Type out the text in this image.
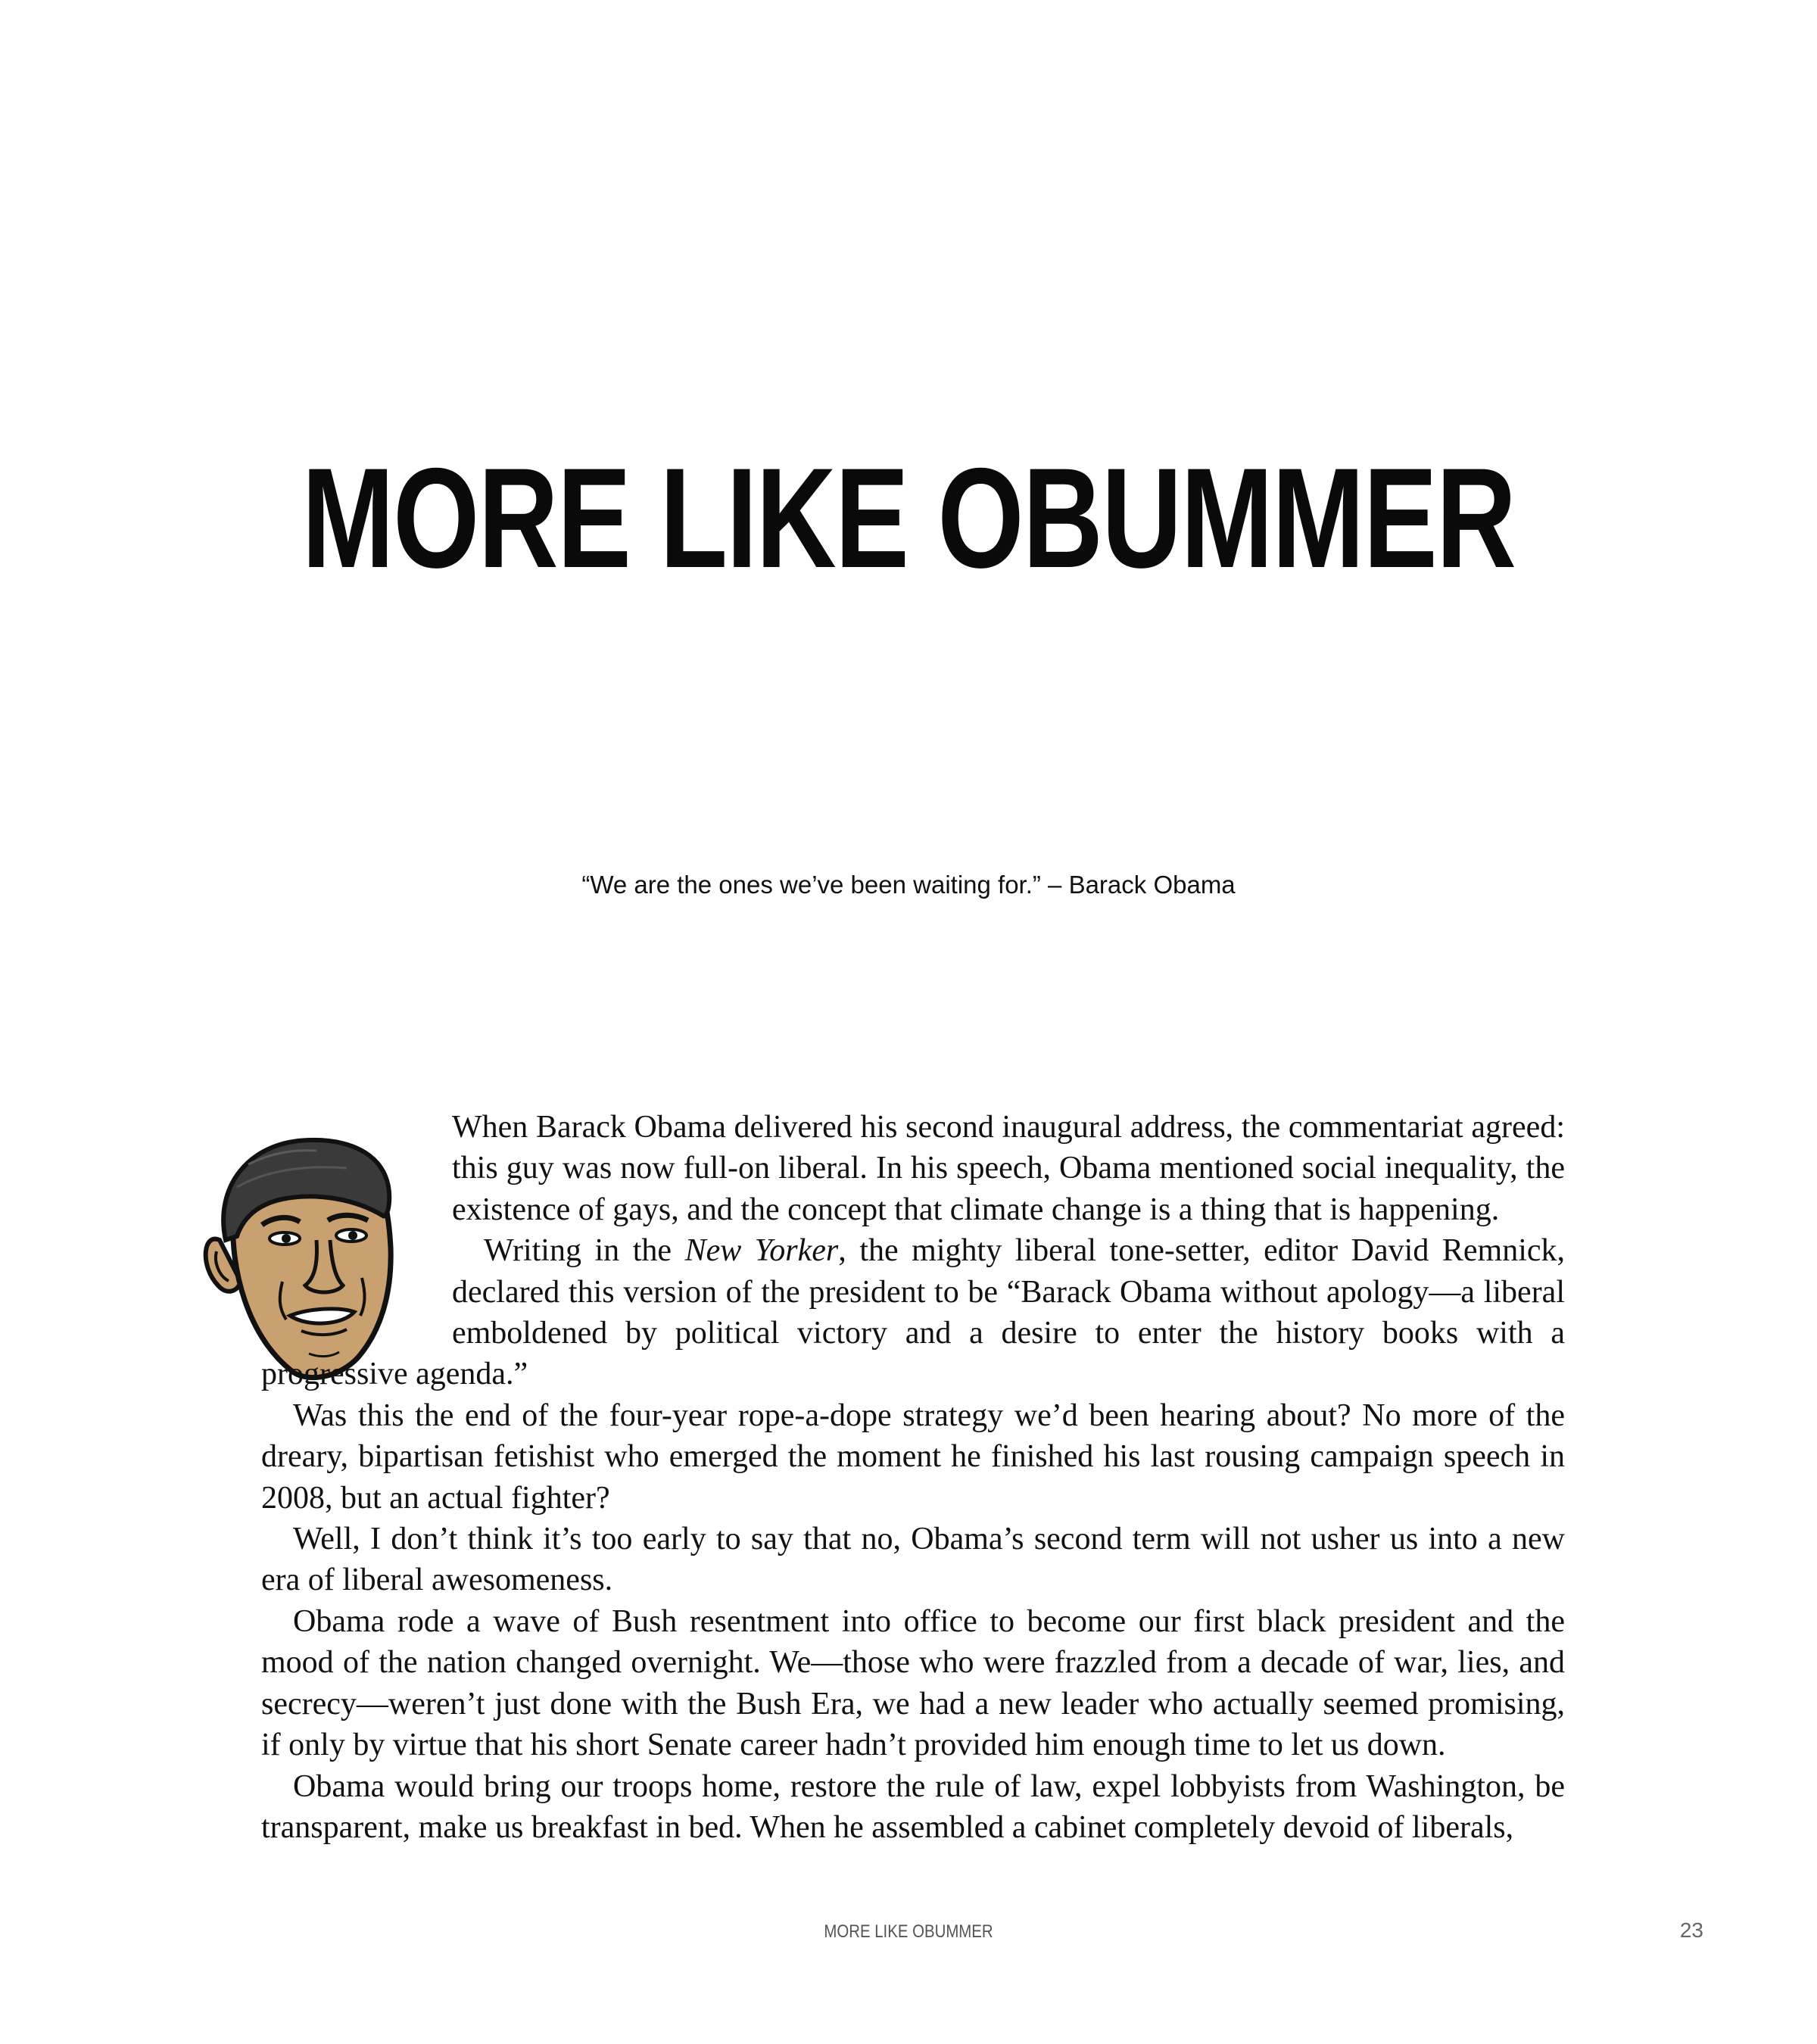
MORE LIKE OBUMMER
“We are the ones we’ve been waiting for.” – Barack Obama

When Barack Obama delivered his second inaugural address, the commentariat agreed: this guy was now full-on liberal. In his speech, Obama mentioned social inequality, the existence of gays, and the concept that climate change is a thing that is happening.

Writing in the New Yorker, the mighty liberal tone-setter, editor David Remnick, declared this version of the president to be “Barack Obama without apology—a liberal emboldened by political victory and a desire to enter the history books with a progressive agenda.”

Was this the end of the four-year rope-a-dope strategy we’d been hearing about? No more of the dreary, bipartisan fetishist who emerged the moment he finished his last rousing campaign speech in 2008, but an actual fighter?

Well, I don’t think it’s too early to say that no, Obama’s second term will not usher us into a new era of liberal awesomeness.

Obama rode a wave of Bush resentment into office to become our first black president and the mood of the nation changed overnight. We—those who were frazzled from a decade of war, lies, and secrecy—weren’t just done with the Bush Era, we had a new leader who actually seemed promising, if only by virtue that his short Senate career hadn’t provided him enough time to let us down.

Obama would bring our troops home, restore the rule of law, expel lobbyists from Washington, be transparent, make us breakfast in bed. When he assembled a cabinet completely devoid of liberals,

MORE LIKE OBUMMER	23
